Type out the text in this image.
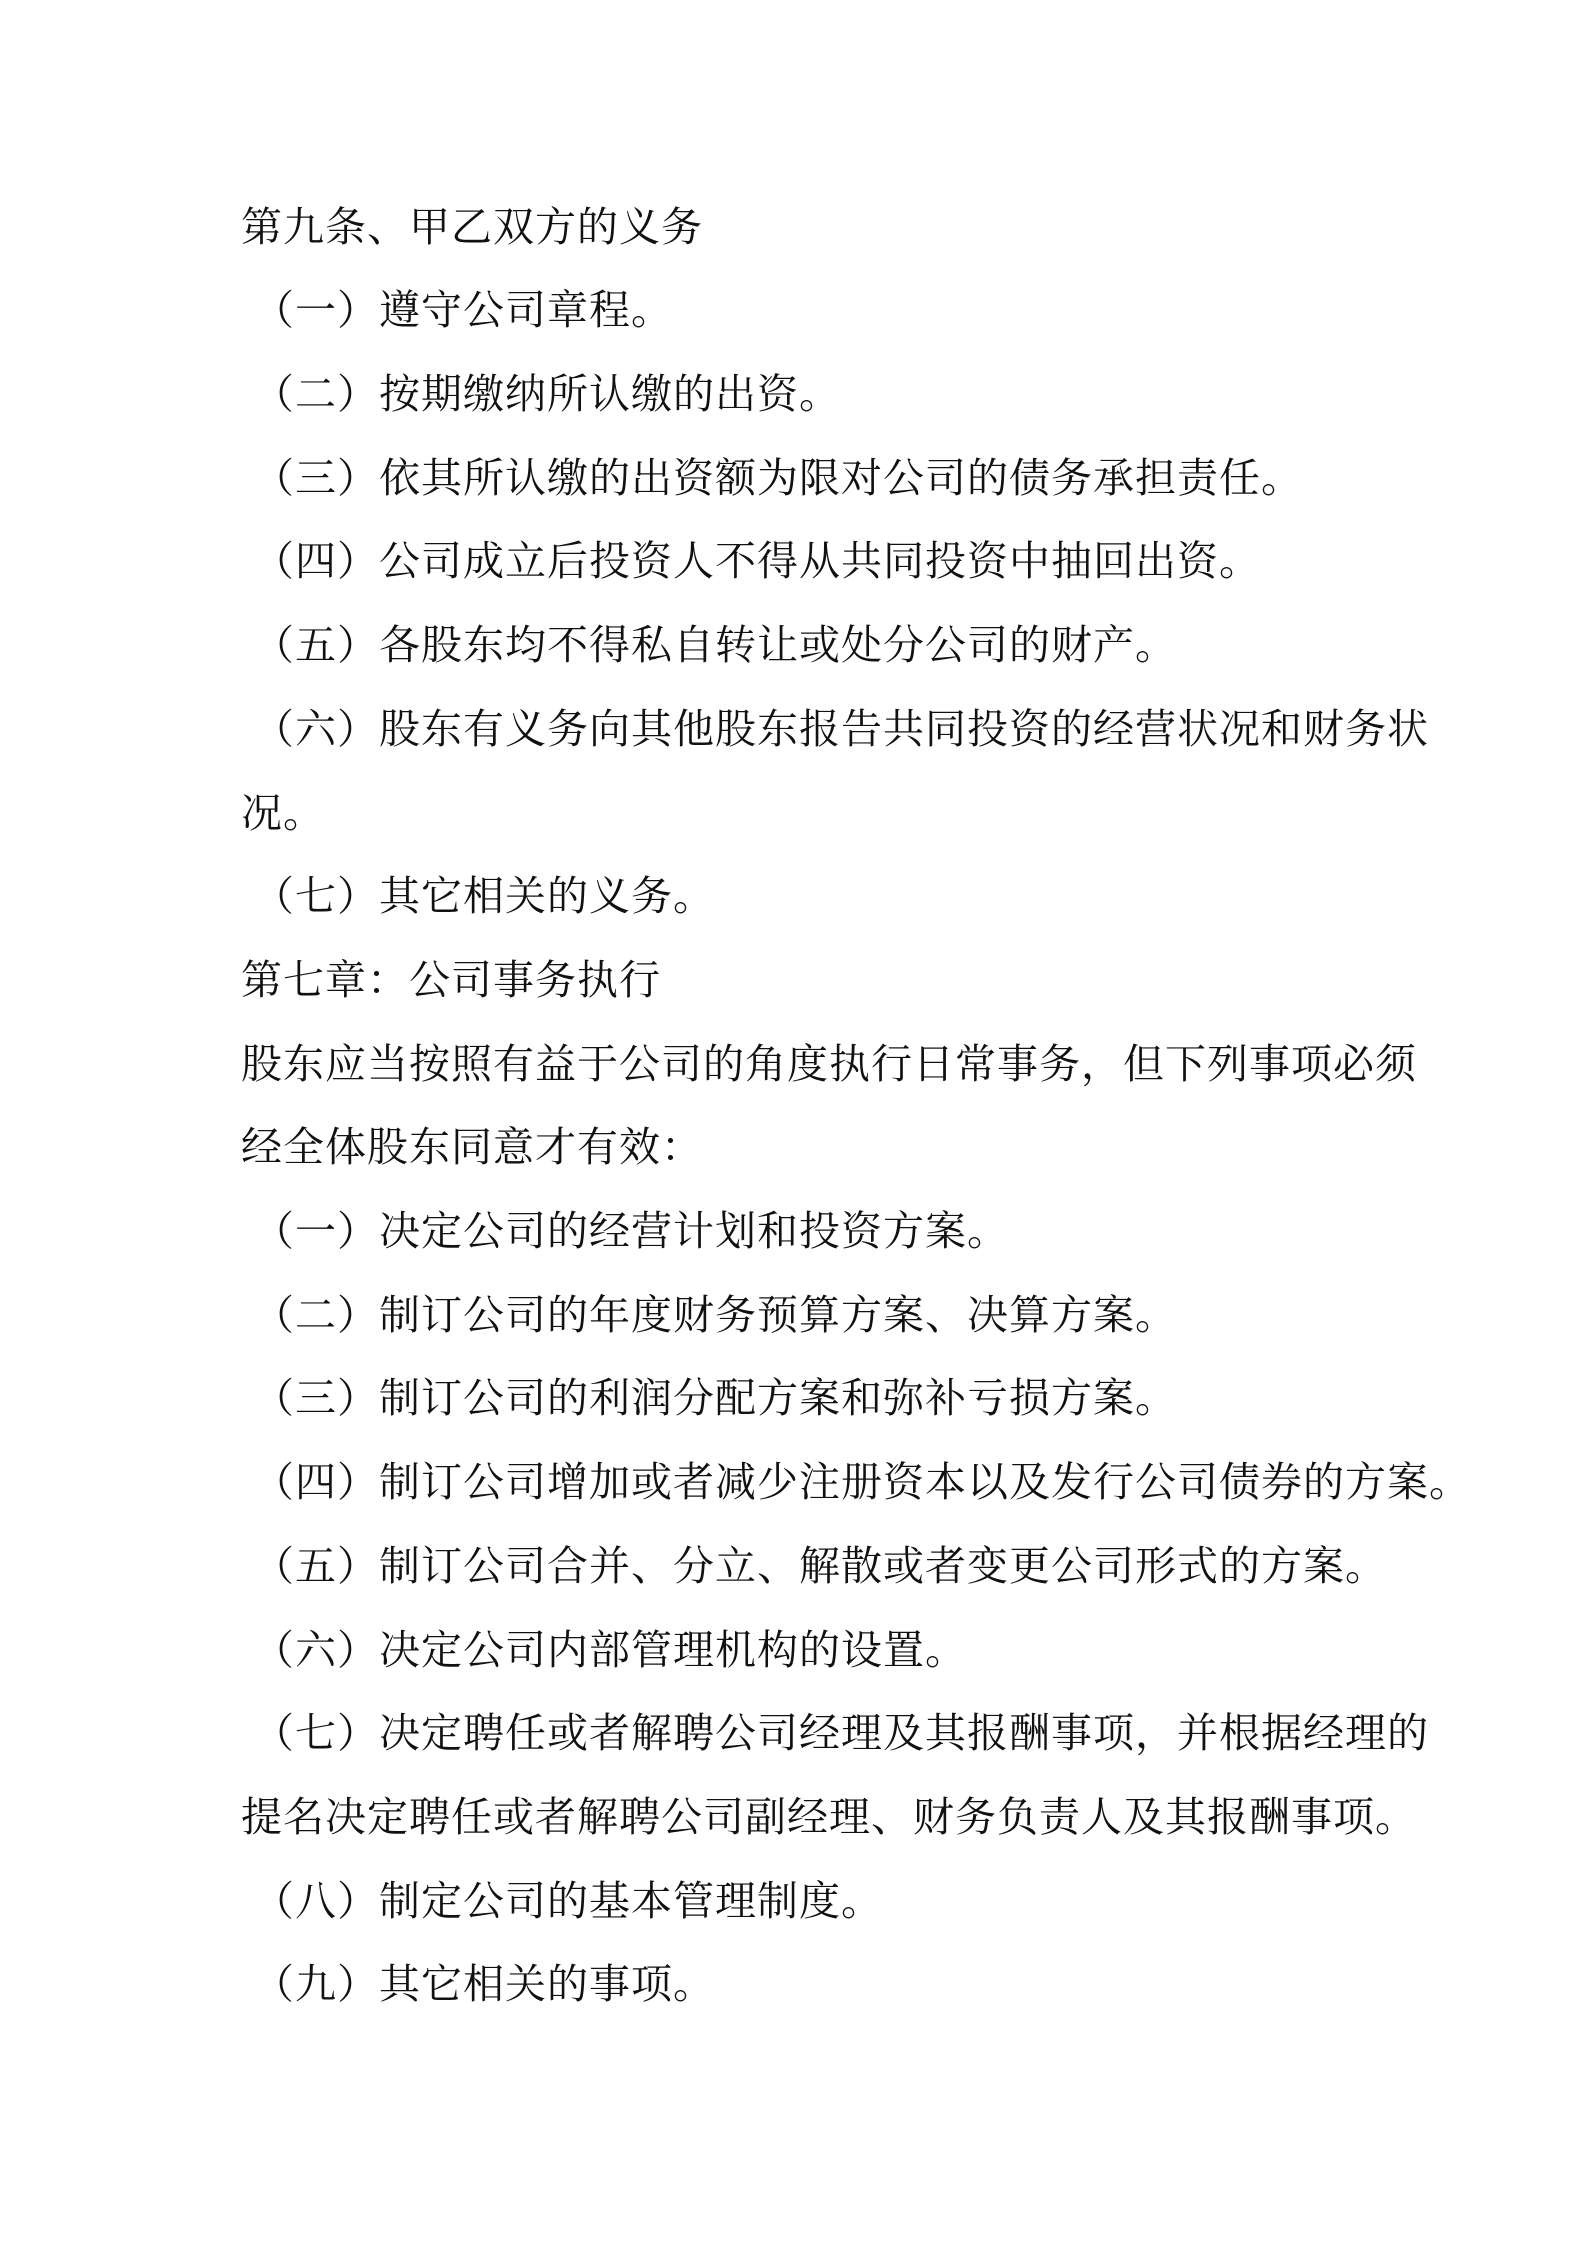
第九条、甲乙双方的义务
（一）遵守公司章程。
（二）按期缴纳所认缴的出资。
（三）依其所认缴的出资额为限对公司的债务承担责任。
（四）公司成立后投资人不得从共同投资中抽回出资。
（五）各股东均不得私自转让或处分公司的财产。
（六）股东有义务向其他股东报告共同投资的经营状况和财务状
况。
（七）其它相关的义务。
第七章：公司事务执行
股东应当按照有益于公司的角度执行日常事务，但下列事项必须
经全体股东同意才有效：
（一）决定公司的经营计划和投资方案。
（二）制订公司的年度财务预算方案、决算方案。
（三）制订公司的利润分配方案和弥补亏损方案。
（四）制订公司增加或者减少注册资本以及发行公司债券的方案。
（五）制订公司合并、分立、解散或者变更公司形式的方案。
（六）决定公司内部管理机构的设置。
（七）决定聘任或者解聘公司经理及其报酬事项，并根据经理的
提名决定聘任或者解聘公司副经理、财务负责人及其报酬事项。
（八）制定公司的基本管理制度。
（九）其它相关的事项。
